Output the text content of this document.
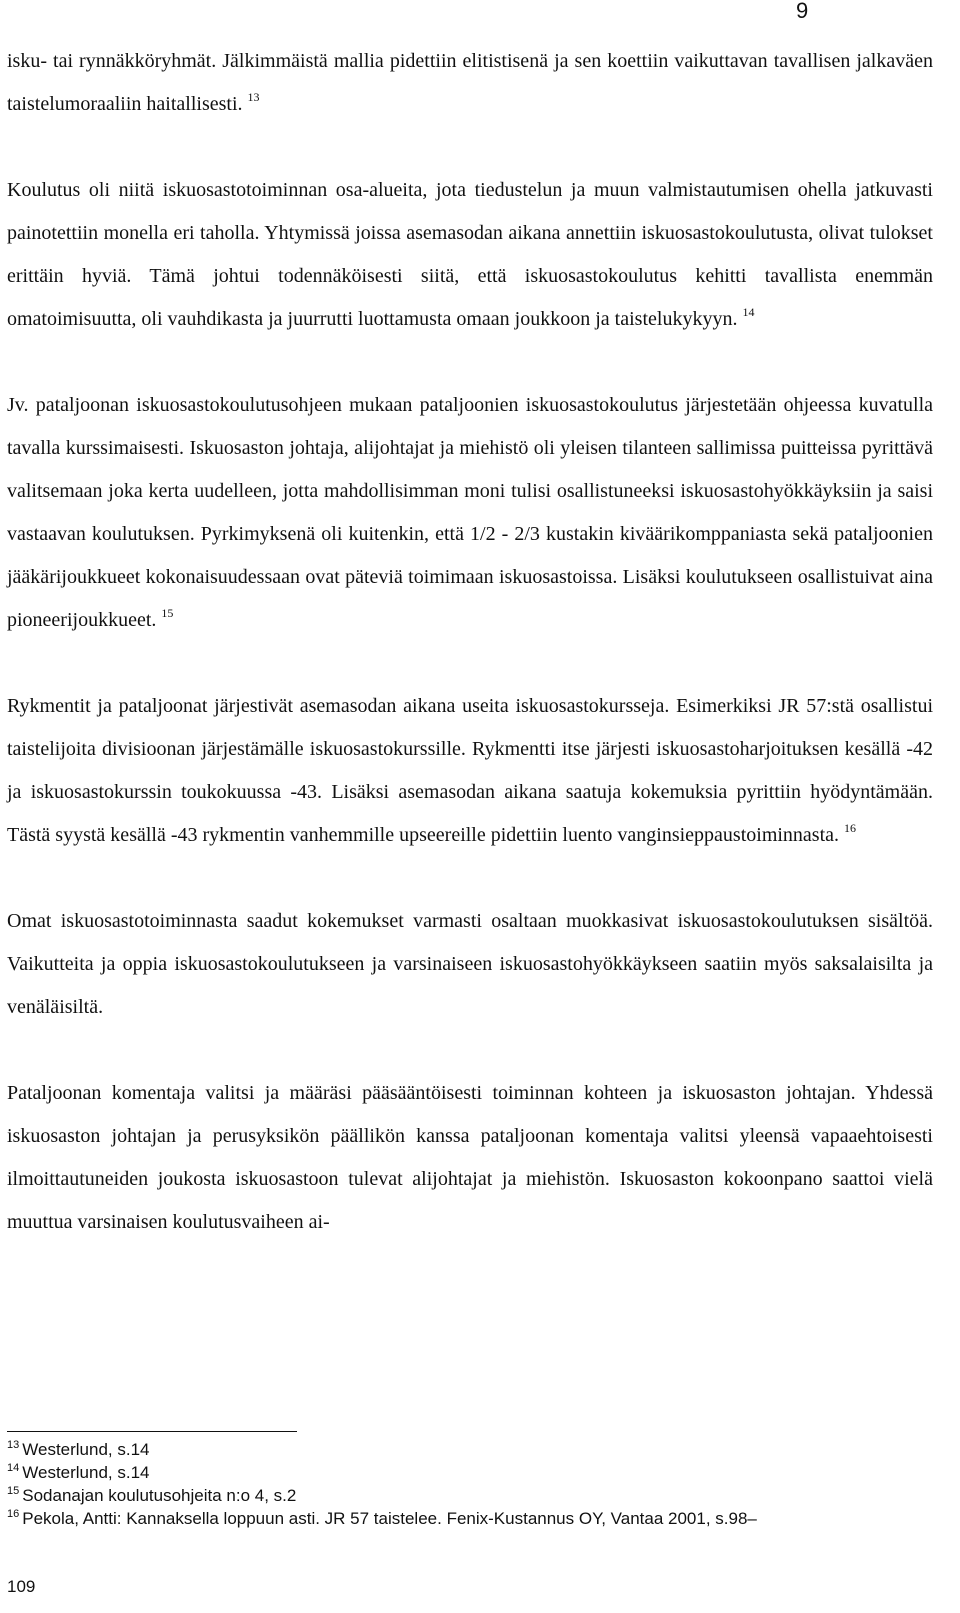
9

isku- tai rynnäkköryhmät. Jälkimmäistä mallia pidettiin elitistisenä ja sen koettiin vaikuttavan tavallisen jalkaväen taistelumoraaliin haitallisesti. $^{13}$

Koulutus oli niitä iskuosastotoiminnan osa-alueita, jota tiedustelun ja muun valmistautumisen ohella jatkuvasti painotettiin monella eri taholla. Yhtymissä joissa asemasodan aikana annettiin iskuosastokoulutusta, olivat tulokset erittäin hyviä. Tämä johtui todennäköisesti siitä, että iskuosastokoulutus kehitti tavallista enemmän omatoimisuutta, oli vauhdikasta ja juurrutti luottamusta omaan joukkoon ja taistelukykyyn. $^{14}$

Jv. pataljoonan iskuosastokoulutusohjeen mukaan pataljoonien iskuosastokoulutus järjestetään ohjeessa kuvatulla tavalla kurssimaisesti. Iskuosaston johtaja, alijohtajat ja miehistö oli yleisen tilanteen sallimissa puitteissa pyrittävä valitsemaan joka kerta uudelleen, jotta mahdollisimman moni tulisi osallistuneeksi iskuosastohyökkäyksiin ja saisi vastaavan koulutuksen. Pyrkimyksenä oli kuitenkin, että 1/2 - 2/3 kustakin kiväärikomppaniasta sekä pataljoonien jääkärijoukkueet kokonaisuudessaan ovat päteviä toimimaan iskuosastoissa. Lisäksi koulutukseen osallistuivat aina pioneerijoukkueet. $^{15}$

Rykmentit ja pataljoonat järjestivät asemasodan aikana useita iskuosastokursseja. Esimerkiksi JR 57:stä osallistui taistelijoita divisioonan järjestämälle iskuosastokurssille. Rykmentti itse järjesti iskuosastoharjoituksen kesällä -42 ja iskuosastokurssin toukokuussa -43. Lisäksi asemasodan aikana saatuja kokemuksia pyrittiin hyödyntämään. Tästä syystä kesällä -43 rykmentin vanhemmille upseereille pidettiin luento vanginsieppaustoiminnasta. $^{16}$

Omat iskuosastotoiminnasta saadut kokemukset varmasti osaltaan muokkasivat iskuosastokoulutuksen sisältöä. Vaikutteita ja oppia iskuosastokoulutukseen ja varsinaiseen iskuosastohyökkäykseen saatiin myös saksalaisilta ja venäläisiltä.

Pataljoonan komentaja valitsi ja määräsi pääsääntöisesti toiminnan kohteen ja iskuosaston johtajan. Yhdessä iskuosaston johtajan ja perusyksikön päällikön kanssa pataljoonan komentaja valitsi yleensä vapaaehtoisesti ilmoittautuneiden joukosta iskuosastoon tulevat alijohtajat ja miehistön. Iskuosaston kokoonpano saattoi vielä muuttua varsinaisen koulutusvaiheen ai-

$^{13}$ Westerlund, s.14
$^{14}$ Westerlund, s.14
$^{15}$ Sodanajan koulutusohjeita n:o 4, s.2
$^{16}$ Pekola, Antti: Kannaksella loppuun asti. JR 57 taistelee. Fenix-Kustannus OY, Vantaa 2001, s.98–
109
